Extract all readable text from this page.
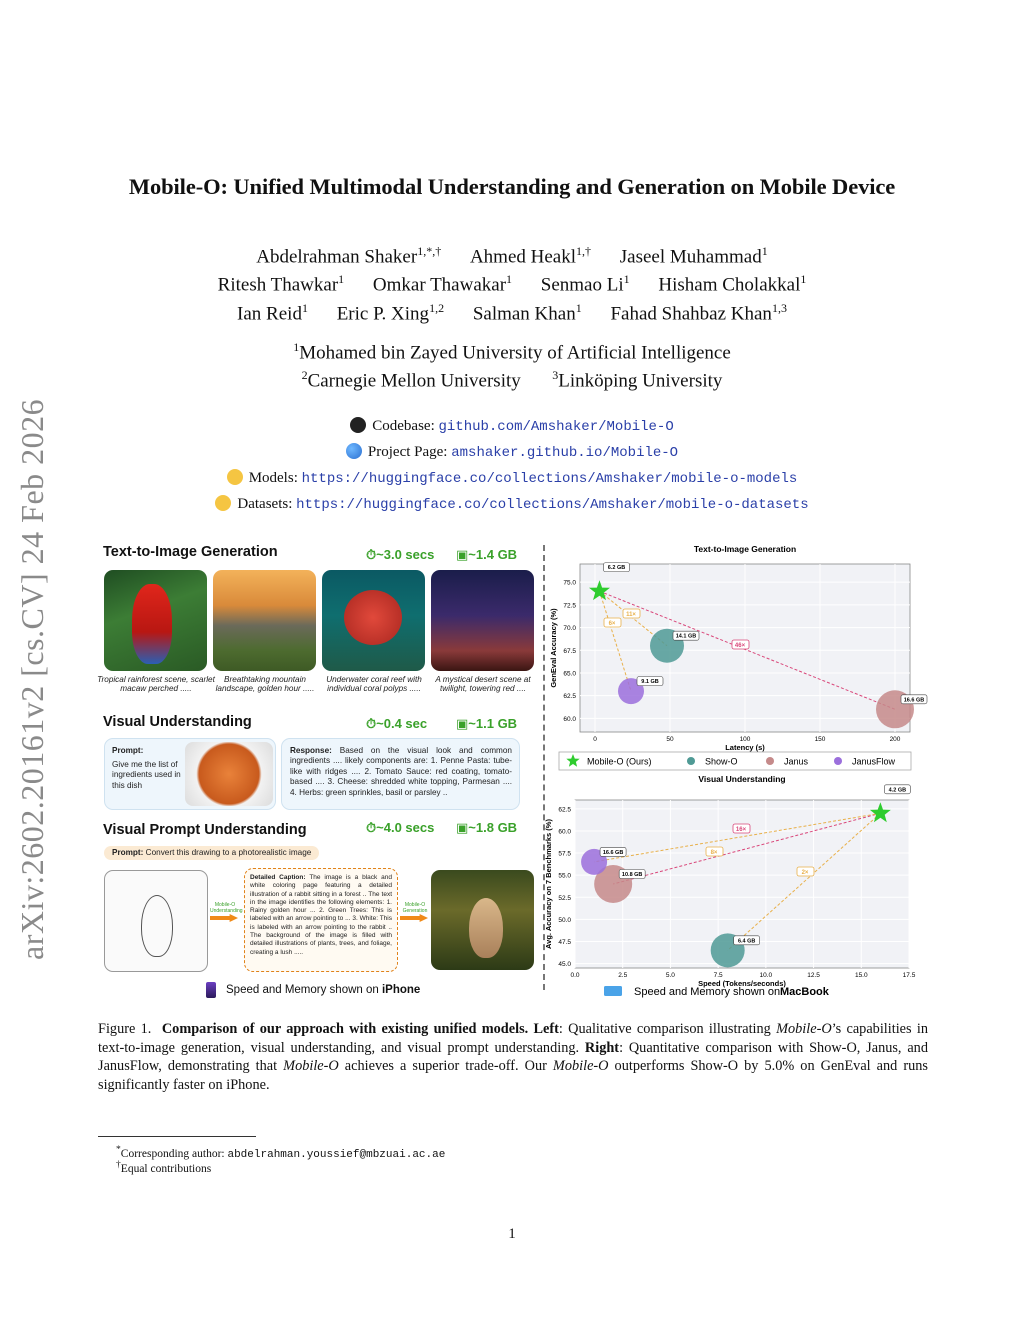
arXiv:2602.20161v2 [cs.CV] 24 Feb 2026
Mobile-O: Unified Multimodal Understanding and Generation on Mobile Device
Abdelrahman Shaker$^{1,*,\dagger}$ Ahmed Heakl$^{1,\dagger}$ Jaseel Muhammad$^1$
Ritesh Thawkar$^1$ Omkar Thawakar$^1$ Senmao Li$^1$ Hisham Cholakkal$^1$
Ian Reid$^1$ Eric P. Xing$^{1,2}$ Salman Khan$^1$ Fahad Shahbaz Khan$^{1,3}$
$^1$Mohamed bin Zayed University of Artificial Intelligence
$^2$Carnegie Mellon University	$^3$Linköping University
Codebase: github.com/Amshaker/Mobile-O
Project Page: amshaker.github.io/Mobile-O
Models: https://huggingface.co/collections/Amshaker/mobile-o-models
Datasets: https://huggingface.co/collections/Amshaker/mobile-o-datasets
Text-to-Image Generation	⏱~3.0 secs ▣~1.4 GB
Tropical rainforest scene, scarlet macaw perched .....
Breathtaking mountain landscape, golden hour .....
Underwater coral reef with individual coral polyps .....
A mystical desert scene at twilight, towering red ....
Visual Understanding	⏱~0.4 sec ▣~1.1 GB
Prompt:
Give me the list of ingredients used in this dish
Response: Based on the visual look and common ingredients .... likely components are: 1. Penne Pasta: tube-like with ridges .... 2. Tomato Sauce: red coating, tomato-based .... 3. Cheese: shredded white topping, Parmesan .... 4. Herbs: green sprinkles, basil or parsley ..
Visual Prompt Understanding	⏱~4.0 secs ▣~1.8 GB
Prompt: Convert this drawing to a photorealistic image
Mobile-O Understanding
Detailed Caption: The image is a black and white coloring page featuring a detailed illustration of a rabbit sitting in a forest .. The text in the image identifies the following elements: 1. Rainy golden hour ... 2. Green Trees: This is labeled with an arrow pointing to ... 3. White: This is labeled with an arrow pointing to the rabbit .. The background of the image is filled with detailed illustrations of plants, trees, and foliage, creating a lush .....
Mobile-O Generation
Speed and Memory shown on iPhone
Text-to-Image Generation
0	50	100	150	200
60.0
62.5
65.0
67.5
70.0
72.5
75.0
Latency (s)
GenEval Accuracy (%)
6.2 GB
14.1 GB
16.6 GB
9.1 GB
11×
6×
46×
Mobile-O (Ours)	Show-O	Janus	JanusFlow
Visual Understanding
0.0	2.5	5.0	7.5	10.0	12.5	15.0	17.5
45.0
47.5
50.0
52.5
55.0
57.5
60.0
62.5
Speed (Tokens/seconds)
Avg. Accuracy on 7 Benchmarks (%)
4.2 GB
6.4 GB
10.8 GB
16.6 GB
16×
8×
2×
Speed and Memory shown on MacBook
Figure 1. Comparison of our approach with existing unified models. Left: Qualitative comparison illustrating Mobile-O’s capabilities in text-to-image generation, visual understanding, and visual prompt understanding. Right: Quantitative comparison with Show-O, Janus, and JanusFlow, demonstrating that Mobile-O achieves a superior trade-off. Our Mobile-O outperforms Show-O by 5.0% on GenEval and runs significantly faster on iPhone.
*Corresponding author: abdelrahman.youssief@mbzuai.ac.ae
†Equal contributions
1
